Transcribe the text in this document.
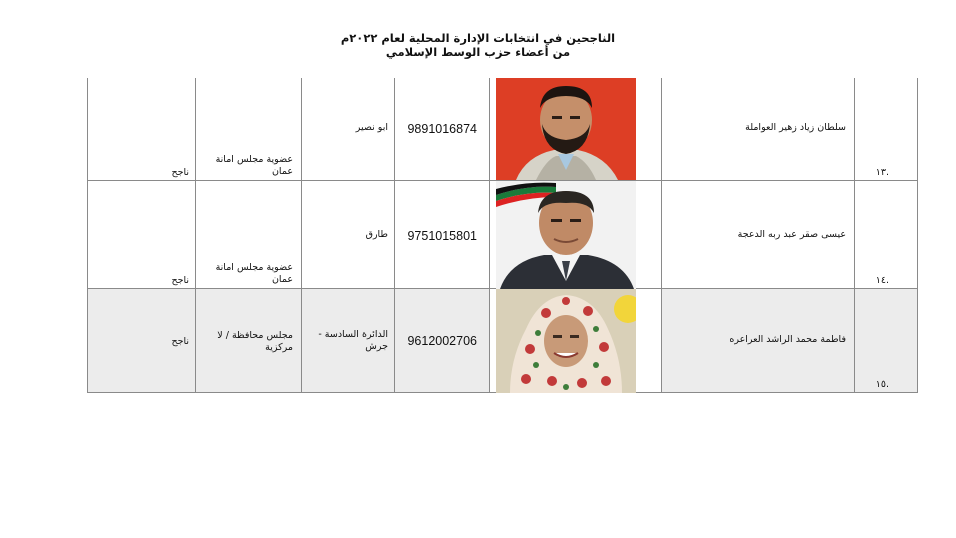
الناجحين في انتخابات الإدارة المحلية لعام ٢٠٢٢م
من أعضاء حزب الوسط الإسلامي
.١٣	سلطان زياد زهير العواملة		9891016874	ابو نصير	عضوية مجلس امانة عمان	ناجح

.١٤	عيسى صقر عبد ربه الدعجة		9751015801	طارق	عضوية مجلس امانة عمان	ناجح

.١٥	فاطمة محمد الراشد العراعره		9612002706	الدائرة السادسة - جرش	مجلس محافظة / لا مركزية	ناجح
